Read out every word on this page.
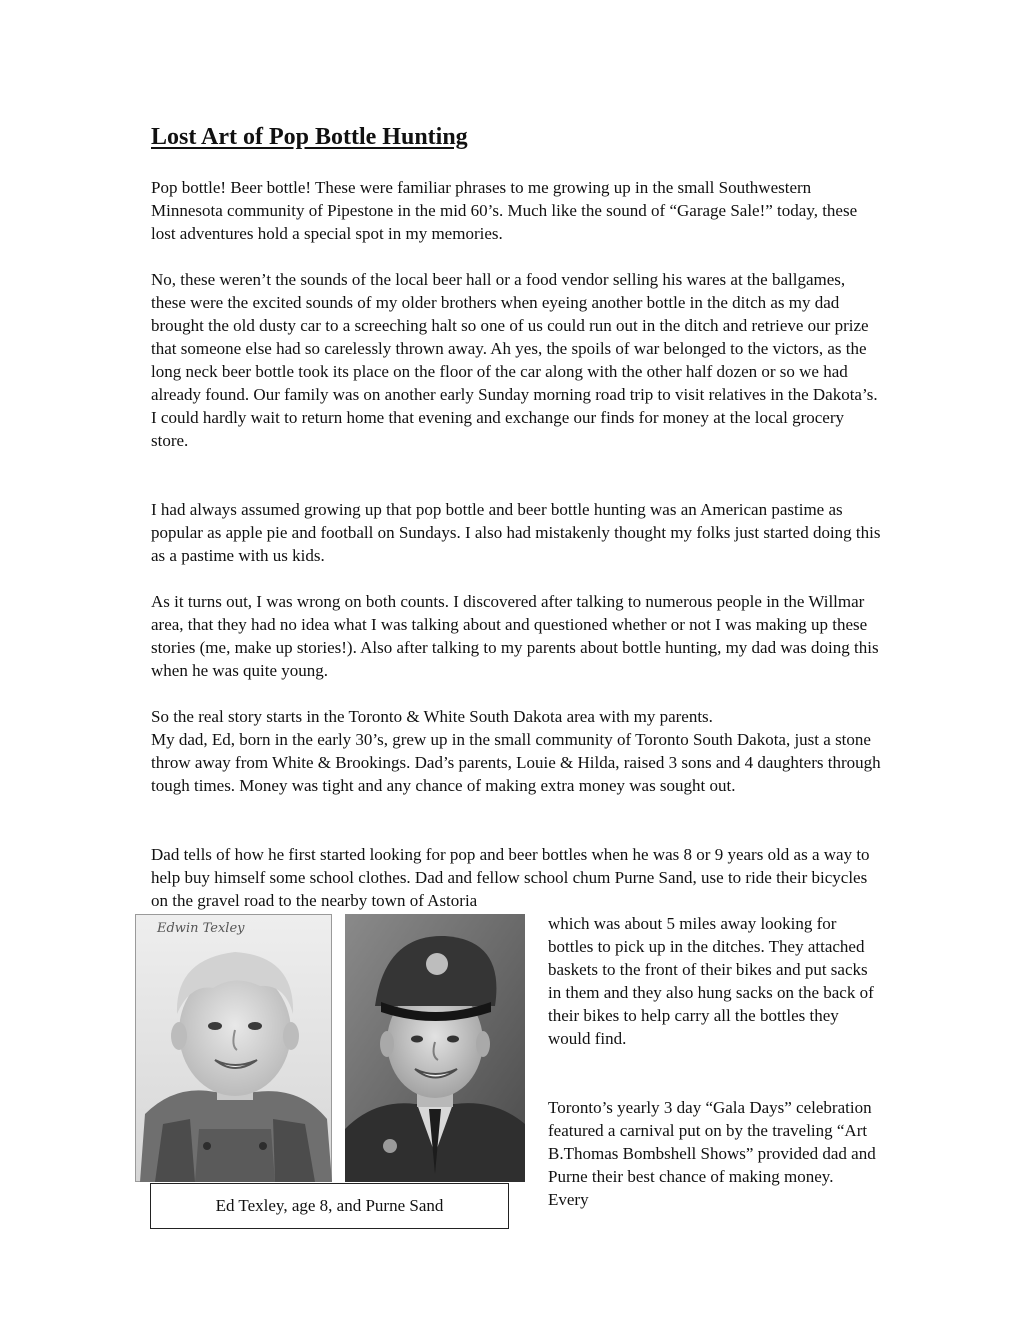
Lost Art of Pop Bottle Hunting

Pop bottle! Beer bottle! These were familiar phrases to me growing up in the small Southwestern Minnesota community of Pipestone in the mid 60’s. Much like the sound of “Garage Sale!” today, these lost adventures hold a special spot in my memories.

No, these weren’t the sounds of the local beer hall or a food vendor selling his wares at the ballgames, these were the excited sounds of my older brothers when eyeing another bottle in the ditch as my dad brought the old dusty car to a screeching halt so one of us could run out in the ditch and retrieve our prize that someone else had so carelessly thrown away. Ah yes, the spoils of war belonged to the victors, as the long neck beer bottle took its place on the floor of the car along with the other half dozen or so we had already found. Our family was on another early Sunday morning road trip to visit relatives in the Dakota’s. I could hardly wait to return home that evening and exchange our finds for money at the local grocery store.

I had always assumed growing up that pop bottle and beer bottle hunting was an American pastime as popular as apple pie and football on Sundays. I also had mistakenly thought my folks just started doing this as a pastime with us kids.

As it turns out, I was wrong on both counts. I discovered after talking to numerous people in the Willmar area, that they had no idea what I was talking about and questioned whether or not I was making up these stories (me, make up stories!). Also after talking to my parents about bottle hunting, my dad was doing this when he was quite young.

So the real story starts in the Toronto & White South Dakota area with my parents.

My dad, Ed, born in the early 30’s, grew up in the small community of Toronto South Dakota, just a stone throw away from White & Brookings. Dad’s parents, Louie & Hilda, raised 3 sons and 4 daughters through tough times. Money was tight and any chance of making extra money was sought out.

Dad tells of how he first started looking for pop and beer bottles when he was 8 or 9 years old as a way to help buy himself some school clothes. Dad and fellow school chum Purne Sand, use to ride their bicycles on the gravel road to the nearby town of Astoria

which was about 5 miles away looking for bottles to pick up in the ditches. They attached baskets to the front of their bikes and put sacks in them and they also hung sacks on the back of their bikes to help carry all the bottles they would find.

Toronto’s yearly 3 day “Gala Days” celebration featured a carnival put on by the traveling “Art B.Thomas Bombshell Shows” provided dad and Purne their best chance of making money. Every

Edwin Texley
Ed Texley, age 8, and Purne Sand
